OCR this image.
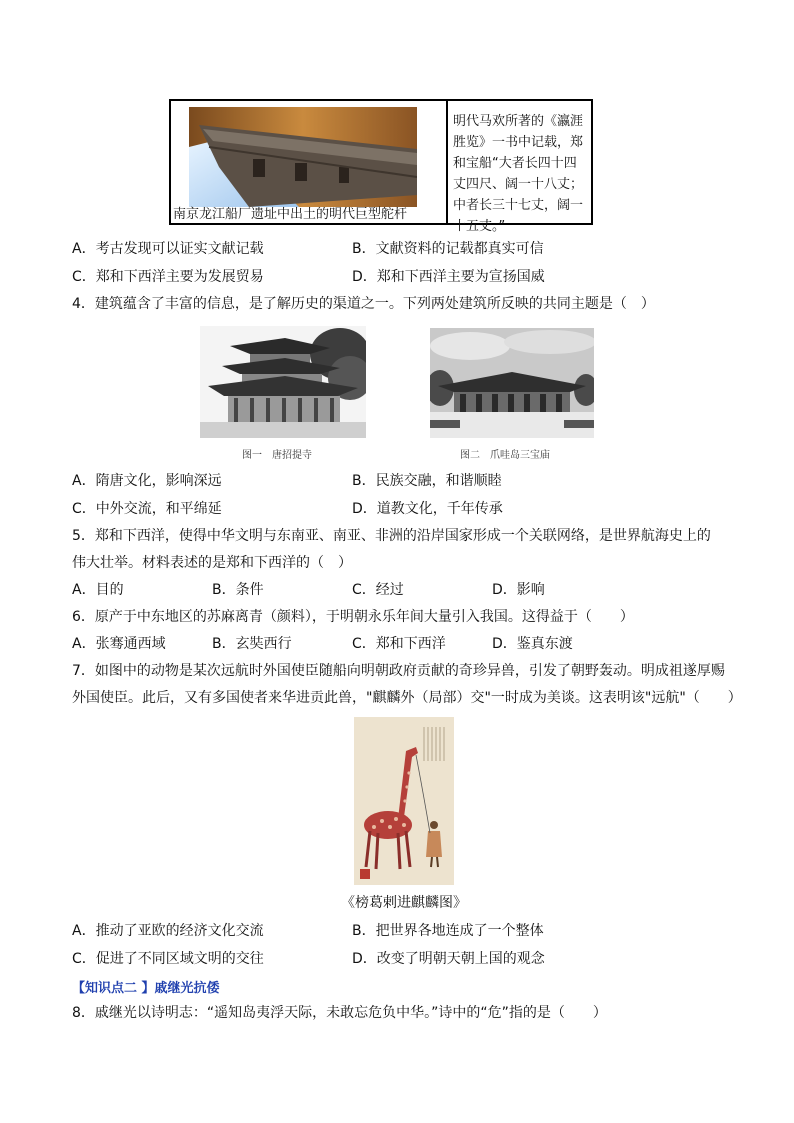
南京龙江船厂遗址中出土的明代巨型舵杆
明代马欢所著的《瀛涯胜览》一书中记载，郑和宝船“大者长四十四丈四尺、阔一十八丈；中者长三十七丈，阔一十五丈。”
A．考古发现可以证实文献记载	B．文献资料的记载都真实可信
C．郑和下西洋主要为发展贸易	D．郑和下西洋主要为宣扬国威
4．建筑蕴含了丰富的信息，是了解历史的渠道之一。下列两处建筑所反映的共同主题是（　）
图一　唐招提寺	图二　爪哇岛三宝庙
A．隋唐文化，影响深远	B．民族交融，和谐顺睦
C．中外交流，和平绵延	D．道教文化，千年传承
5．郑和下西洋，使得中华文明与东南亚、南亚、非洲的沿岸国家形成一个关联网络，是世界航海史上的
伟大壮举。材料表述的是郑和下西洋的（　）
A．目的	B．条件	C．经过	D．影响
6．原产于中东地区的苏麻离青（颜料），于明朝永乐年间大量引入我国。这得益于（　　）
A．张骞通西域	B．玄奘西行	C．郑和下西洋	D．鉴真东渡
7．如图中的动物是某次远航时外国使臣随船向明朝政府贡献的奇珍异兽，引发了朝野轰动。明成祖遂厚赐
外国使臣。此后，又有多国使者来华进贡此兽，"麒麟外（局部）交"一时成为美谈。这表明该"远航"（　　）
《榜葛剌进麒麟图》
A．推动了亚欧的经济文化交流	B．把世界各地连成了一个整体
C．促进了不同区域文明的交往	D．改变了明朝天朝上国的观念
【知识点二 】戚继光抗倭
8．戚继光以诗明志：“遥知岛夷浮天际，未敢忘危负中华。”诗中的“危”指的是（　　）
